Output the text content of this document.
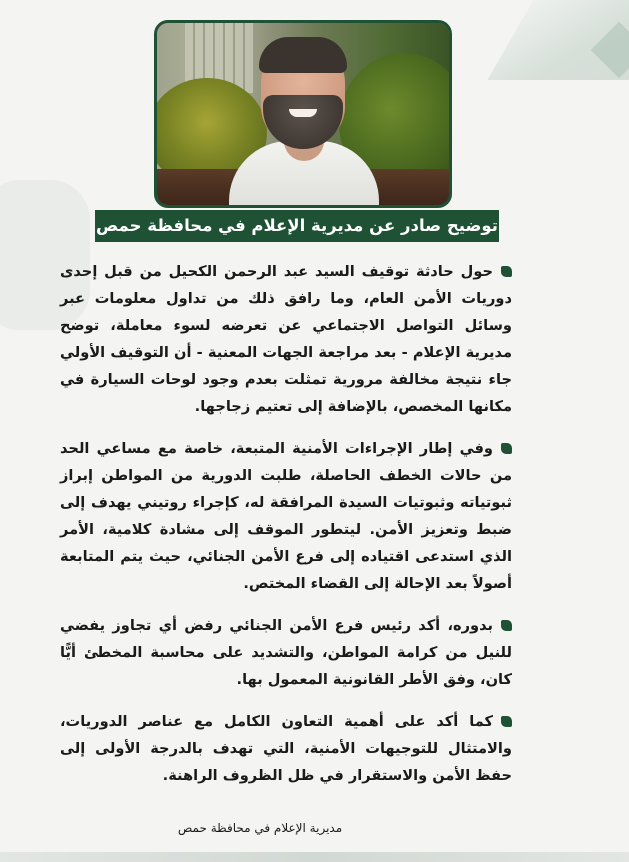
توضيح صادر عن مديرية الإعلام في محافظة حمص

حول حادثة توقيف السيد عبد الرحمن الكحيل من قبل إحدى دوريات الأمن العام، وما رافق ذلك من تداول معلومات عبر وسائل التواصل الاجتماعي عن تعرضه لسوء معاملة، توضح مديرية الإعلام - بعد مراجعة الجهات المعنية - أن التوقيف الأولي جاء نتيجة مخالفة مرورية تمثلت بعدم وجود لوحات السيارة في مكانها المخصص، بالإضافة إلى تعتيم زجاجها.

وفي إطار الإجراءات الأمنية المتبعة، خاصة مع مساعي الحد من حالات الخطف الحاصلة، طلبت الدورية من المواطن إبراز ثبوتياته وثبوتيات السيدة المرافقة له، كإجراء روتيني يهدف إلى ضبط وتعزيز الأمن. ليتطور الموقف إلى مشادة كلامية، الأمر الذي استدعى اقتياده إلى فرع الأمن الجنائي، حيث يتم المتابعة أصولاً بعد الإحالة إلى القضاء المختص.

بدوره، أكد رئيس فرع الأمن الجنائي رفض أي تجاوز يفضي للنيل من كرامة المواطن، والتشديد على محاسبة المخطئ أيًّا كان، وفق الأطر القانونية المعمول بها.

كما أكد على أهمية التعاون الكامل مع عناصر الدوريات، والامتثال للتوجيهات الأمنية، التي تهدف بالدرجة الأولى إلى حفظ الأمن والاستقرار في ظل الظروف الراهنة.

مديرية الإعلام في محافظة حمص
